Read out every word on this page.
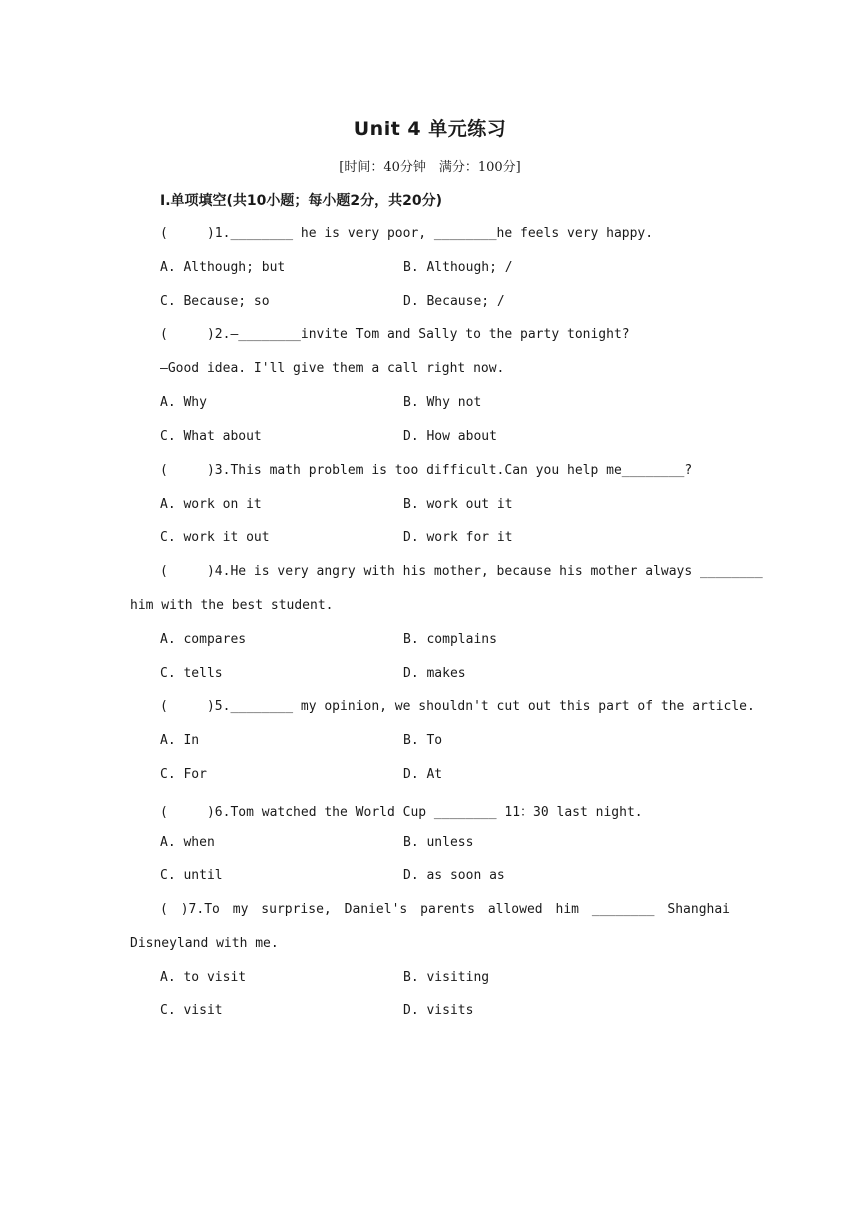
Unit 4 单元练习
[时间：40分钟　满分：100分]
Ⅰ.单项填空(共10小题；每小题2分，共20分)
(     )1.________ he is very poor, ________he feels very happy.
A. Although; but	B. Although; /
C. Because; so	D. Because; /
(     )2.—________invite Tom and Sally to the party tonight?
—Good idea. I'll give them a call right now.
A. Why	B. Why not
C. What about	D. How about
(     )3.This math problem is too difficult.Can you help me________?
A. work on it	B. work out it
C. work it out	D. work for it
(     )4.He is very angry with his mother, because his mother always ________
him with the best student.
A. compares	B. complains
C. tells	D. makes
(     )5.________ my opinion, we shouldn't cut out this part of the article.
A. In	B. To
C. For	D. At
(     )6.Tom watched the World Cup ________ 11：30 last night.
A. when	B. unless
C. until	D. as soon as
( )7.To my surprise, Daniel's parents allowed him ________ Shanghai
Disneyland with me.
A. to visit	B. visiting
C. visit	D. visits
